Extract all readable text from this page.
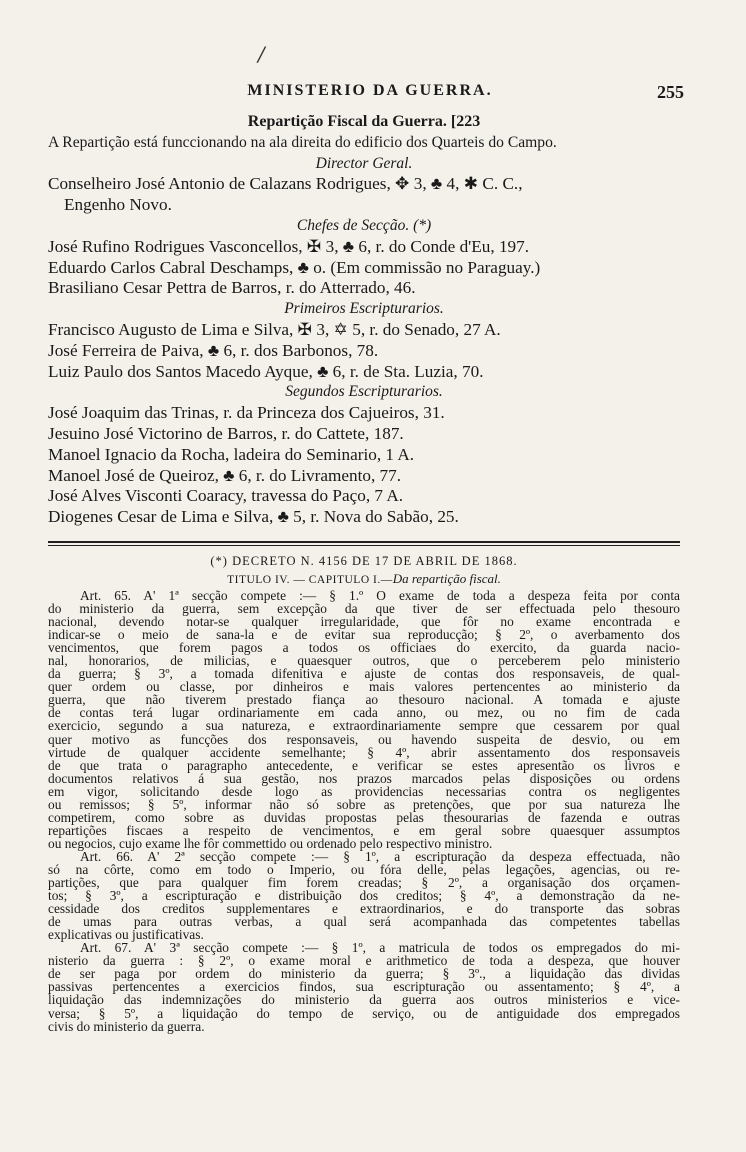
/
MINISTERIO DA GUERRA.	255
Repartição Fiscal da Guerra. [223
A Repartição está funccionando na ala direita do edificio dos Quarteis do Campo.
Director Geral.
Conselheiro José Antonio de Calazans Rodrigues, ✥ 3, ♣ 4, ✱ C. C.,
Engenho Novo.
Chefes de Secção. (*)
José Rufino Rodrigues Vasconcellos, ✠ 3, ♣ 6, r. do Conde d'Eu, 197.
Eduardo Carlos Cabral Deschamps, ♣ o. (Em commissão no Paraguay.)
Brasiliano Cesar Pettra de Barros, r. do Atterrado, 46.
Primeiros Escripturarios.
Francisco Augusto de Lima e Silva, ✠ 3, ✡ 5, r. do Senado, 27 A.
José Ferreira de Paiva, ♣ 6, r. dos Barbonos, 78.
Luiz Paulo dos Santos Macedo Ayque, ♣ 6, r. de Sta. Luzia, 70.
Segundos Escripturarios.
José Joaquim das Trinas, r. da Princeza dos Cajueiros, 31.
Jesuino José Victorino de Barros, r. do Cattete, 187.
Manoel Ignacio da Rocha, ladeira do Seminario, 1 A.
Manoel José de Queiroz, ♣ 6, r. do Livramento, 77.
José Alves Visconti Coaracy, travessa do Paço, 7 A.
Diogenes Cesar de Lima e Silva, ♣ 5, r. Nova do Sabão, 25.
(*) DECRETO N. 4156 DE 17 DE ABRIL DE 1868.
TITULO IV. — CAPITULO I.—Da repartição fiscal.

Art. 65. A' 1ª secção compete :— § 1.º O exame de toda a despeza feita por conta
do ministerio da guerra, sem excepção da que tiver de ser effectuada pelo thesouro
nacional, devendo notar-se qualquer irregularidade, que fôr no exame encontrada e
indicar-se o meio de sana-la e de evitar sua reproducção; § 2º, o averbamento dos
vencimentos, que forem pagos a todos os officiaes do exercito, da guarda nacio-
nal, honorarios, de milicias, e quaesquer outros, que o perceberem pelo ministerio
da guerra; § 3º, a tomada difenitiva e ajuste de contas dos responsaveis, de qual-
quer ordem ou classe, por dinheiros e mais valores pertencentes ao ministerio da
guerra, que não tiverem prestado fiança ao thesouro nacional. A tomada e ajuste
de contas terá lugar ordinariamente em cada anno, ou mez, ou no fim de cada
exercicio, segundo a sua natureza, e extraordinariamente sempre que cessarem por qual
quer motivo as funcções dos responsaveis, ou havendo suspeita de desvio, ou em
virtude de qualquer accidente semelhante; § 4º, abrir assentamento dos responsaveis
de que trata o paragrapho antecedente, e verificar se estes apresentão os livros e
documentos relativos á sua gestão, nos prazos marcados pelas disposições ou ordens
em vigor, solicitando desde logo as providencias necessarias contra os negligentes
ou remissos; § 5º, informar não só sobre as pretenções, que por sua natureza lhe
competirem, como sobre as duvidas propostas pelas thesourarias de fazenda e outras
repartições fiscaes a respeito de vencimentos, e em geral sobre quaesquer assumptos
ou negocios, cujo exame lhe fôr commettido ou ordenado pelo respectivo ministro.

Art. 66. A' 2ª secção compete :— § 1º, a escripturação da despeza effectuada, não
só na côrte, como em todo o Imperio, ou fóra delle, pelas legações, agencias, ou re-
partições, que para qualquer fim forem creadas; § 2º, a organisação dos orçamen-
tos; § 3º, a escripturação e distribuição dos creditos; § 4º, a demonstração da ne-
cessidade dos creditos supplementares e extraordinarios, e do transporte das sobras
de umas para outras verbas, a qual será acompanhada das competentes tabellas
explicativas ou justificativas.

Art. 67. A' 3ª secção compete :— § 1º, a matricula de todos os empregados do mi-
nisterio da guerra : § 2º, o exame moral e arithmetico de toda a despeza, que houver
de ser paga por ordem do ministerio da guerra; § 3º., a liquidação das dividas
passivas pertencentes a exercicios findos, sua escripturação ou assentamento; § 4º, a
liquidação das indemnizações do ministerio da guerra aos outros ministerios e vice-
versa; § 5º, a liquidação do tempo de serviço, ou de antiguidade dos empregados
civis do ministerio da guerra.
